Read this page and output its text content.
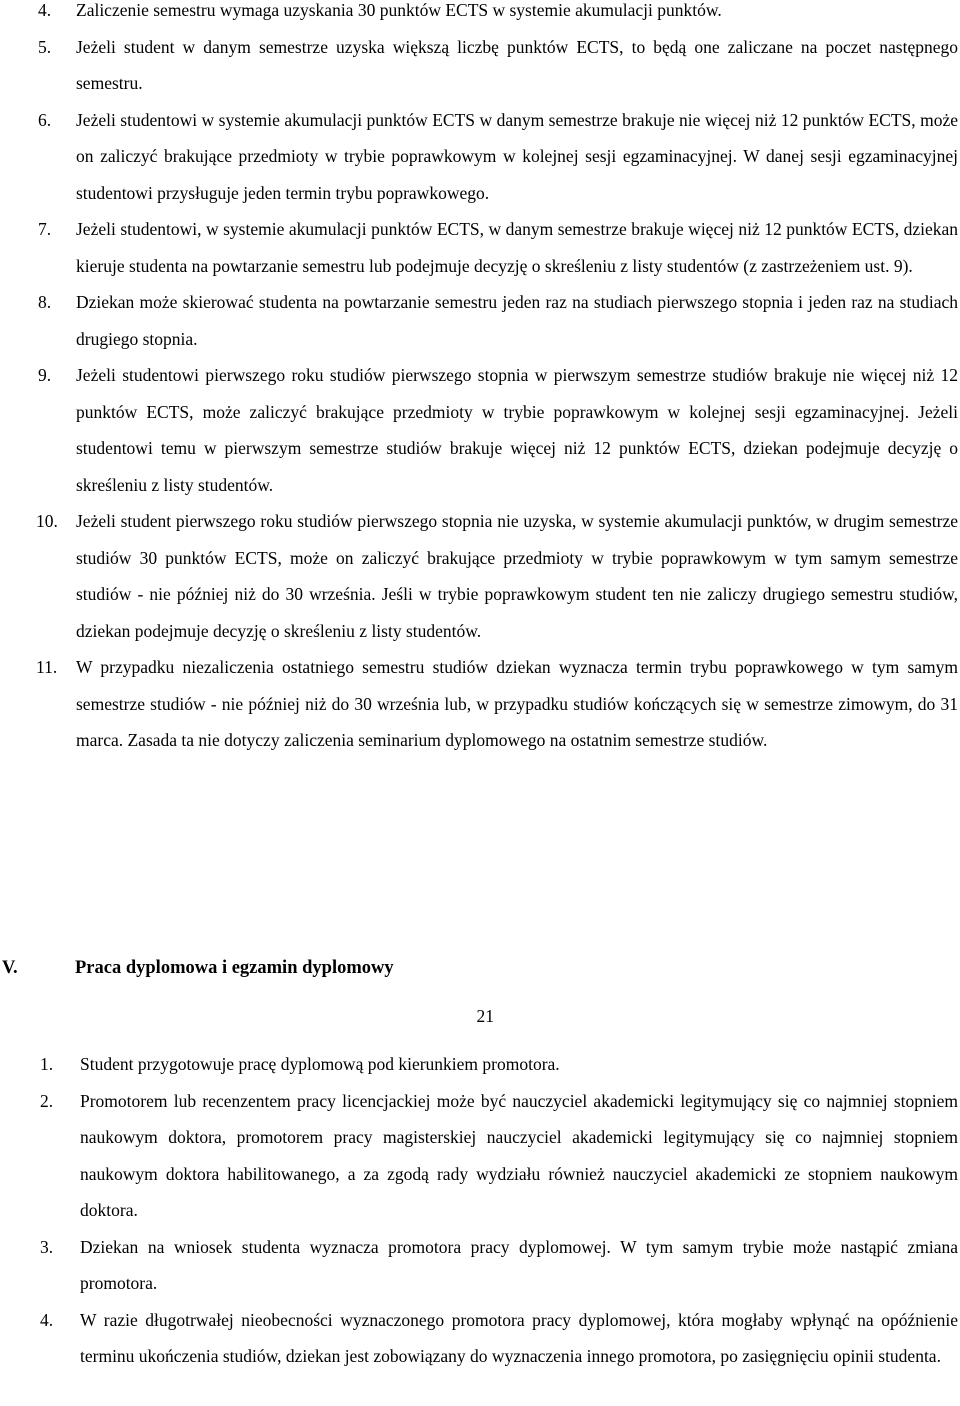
4. Zaliczenie semestru wymaga uzyskania 30 punktów ECTS w systemie akumulacji punktów.
5. Jeżeli student w danym semestrze uzyska większą liczbę punktów ECTS, to będą one zaliczane na poczet następnego semestru.
6. Jeżeli studentowi w systemie akumulacji punktów ECTS w danym semestrze brakuje nie więcej niż 12 punktów ECTS, może on zaliczyć brakujące przedmioty w trybie poprawkowym w kolejnej sesji egzaminacyjnej. W danej sesji egzaminacyjnej studentowi przysługuje jeden termin trybu poprawkowego.
7. Jeżeli studentowi, w systemie akumulacji punktów ECTS, w danym semestrze brakuje więcej niż 12 punktów ECTS, dziekan kieruje studenta na powtarzanie semestru lub podejmuje decyzję o skreśleniu z listy studentów (z zastrzeżeniem ust. 9).
8. Dziekan może skierować studenta na powtarzanie semestru jeden raz na studiach pierwszego stopnia i jeden raz na studiach drugiego stopnia.
9. Jeżeli studentowi pierwszego roku studiów pierwszego stopnia w pierwszym semestrze studiów brakuje nie więcej niż 12 punktów ECTS, może zaliczyć brakujące przedmioty w trybie poprawkowym w kolejnej sesji egzaminacyjnej. Jeżeli studentowi temu w pierwszym semestrze studiów brakuje więcej niż 12 punktów ECTS, dziekan podejmuje decyzję o skreśleniu z listy studentów.
10. Jeżeli student pierwszego roku studiów pierwszego stopnia nie uzyska, w systemie akumulacji punktów, w drugim semestrze studiów 30 punktów ECTS, może on zaliczyć brakujące przedmioty w trybie poprawkowym w tym samym semestrze studiów - nie później niż do 30 września. Jeśli w trybie poprawkowym student ten nie zaliczy drugiego semestru studiów, dziekan podejmuje decyzję o skreśleniu z listy studentów.
11. W przypadku niezaliczenia ostatniego semestru studiów dziekan wyznacza termin trybu poprawkowego w tym samym semestrze studiów - nie później niż do 30 września lub, w przypadku studiów kończących się w semestrze zimowym, do 31 marca. Zasada ta nie dotyczy zaliczenia seminarium dyplomowego na ostatnim semestrze studiów.
V.	Praca dyplomowa i egzamin dyplomowy
21
1. Student przygotowuje pracę dyplomową pod kierunkiem promotora.
2. Promotorem lub recenzentem pracy licencjackiej może być nauczyciel akademicki legitymujący się co najmniej stopniem naukowym doktora, promotorem pracy magisterskiej nauczyciel akademicki legitymujący się co najmniej stopniem naukowym doktora habilitowanego, a za zgodą rady wydziału również nauczyciel akademicki ze stopniem naukowym doktora.
3. Dziekan na wniosek studenta wyznacza promotora pracy dyplomowej. W tym samym trybie może nastąpić zmiana promotora.
4. W razie długotrwałej nieobecności wyznaczonego promotora pracy dyplomowej, która mogłaby wpłynąć na opóźnienie terminu ukończenia studiów, dziekan jest zobowiązany do wyznaczenia innego promotora, po zasięgnięciu opinii studenta.
